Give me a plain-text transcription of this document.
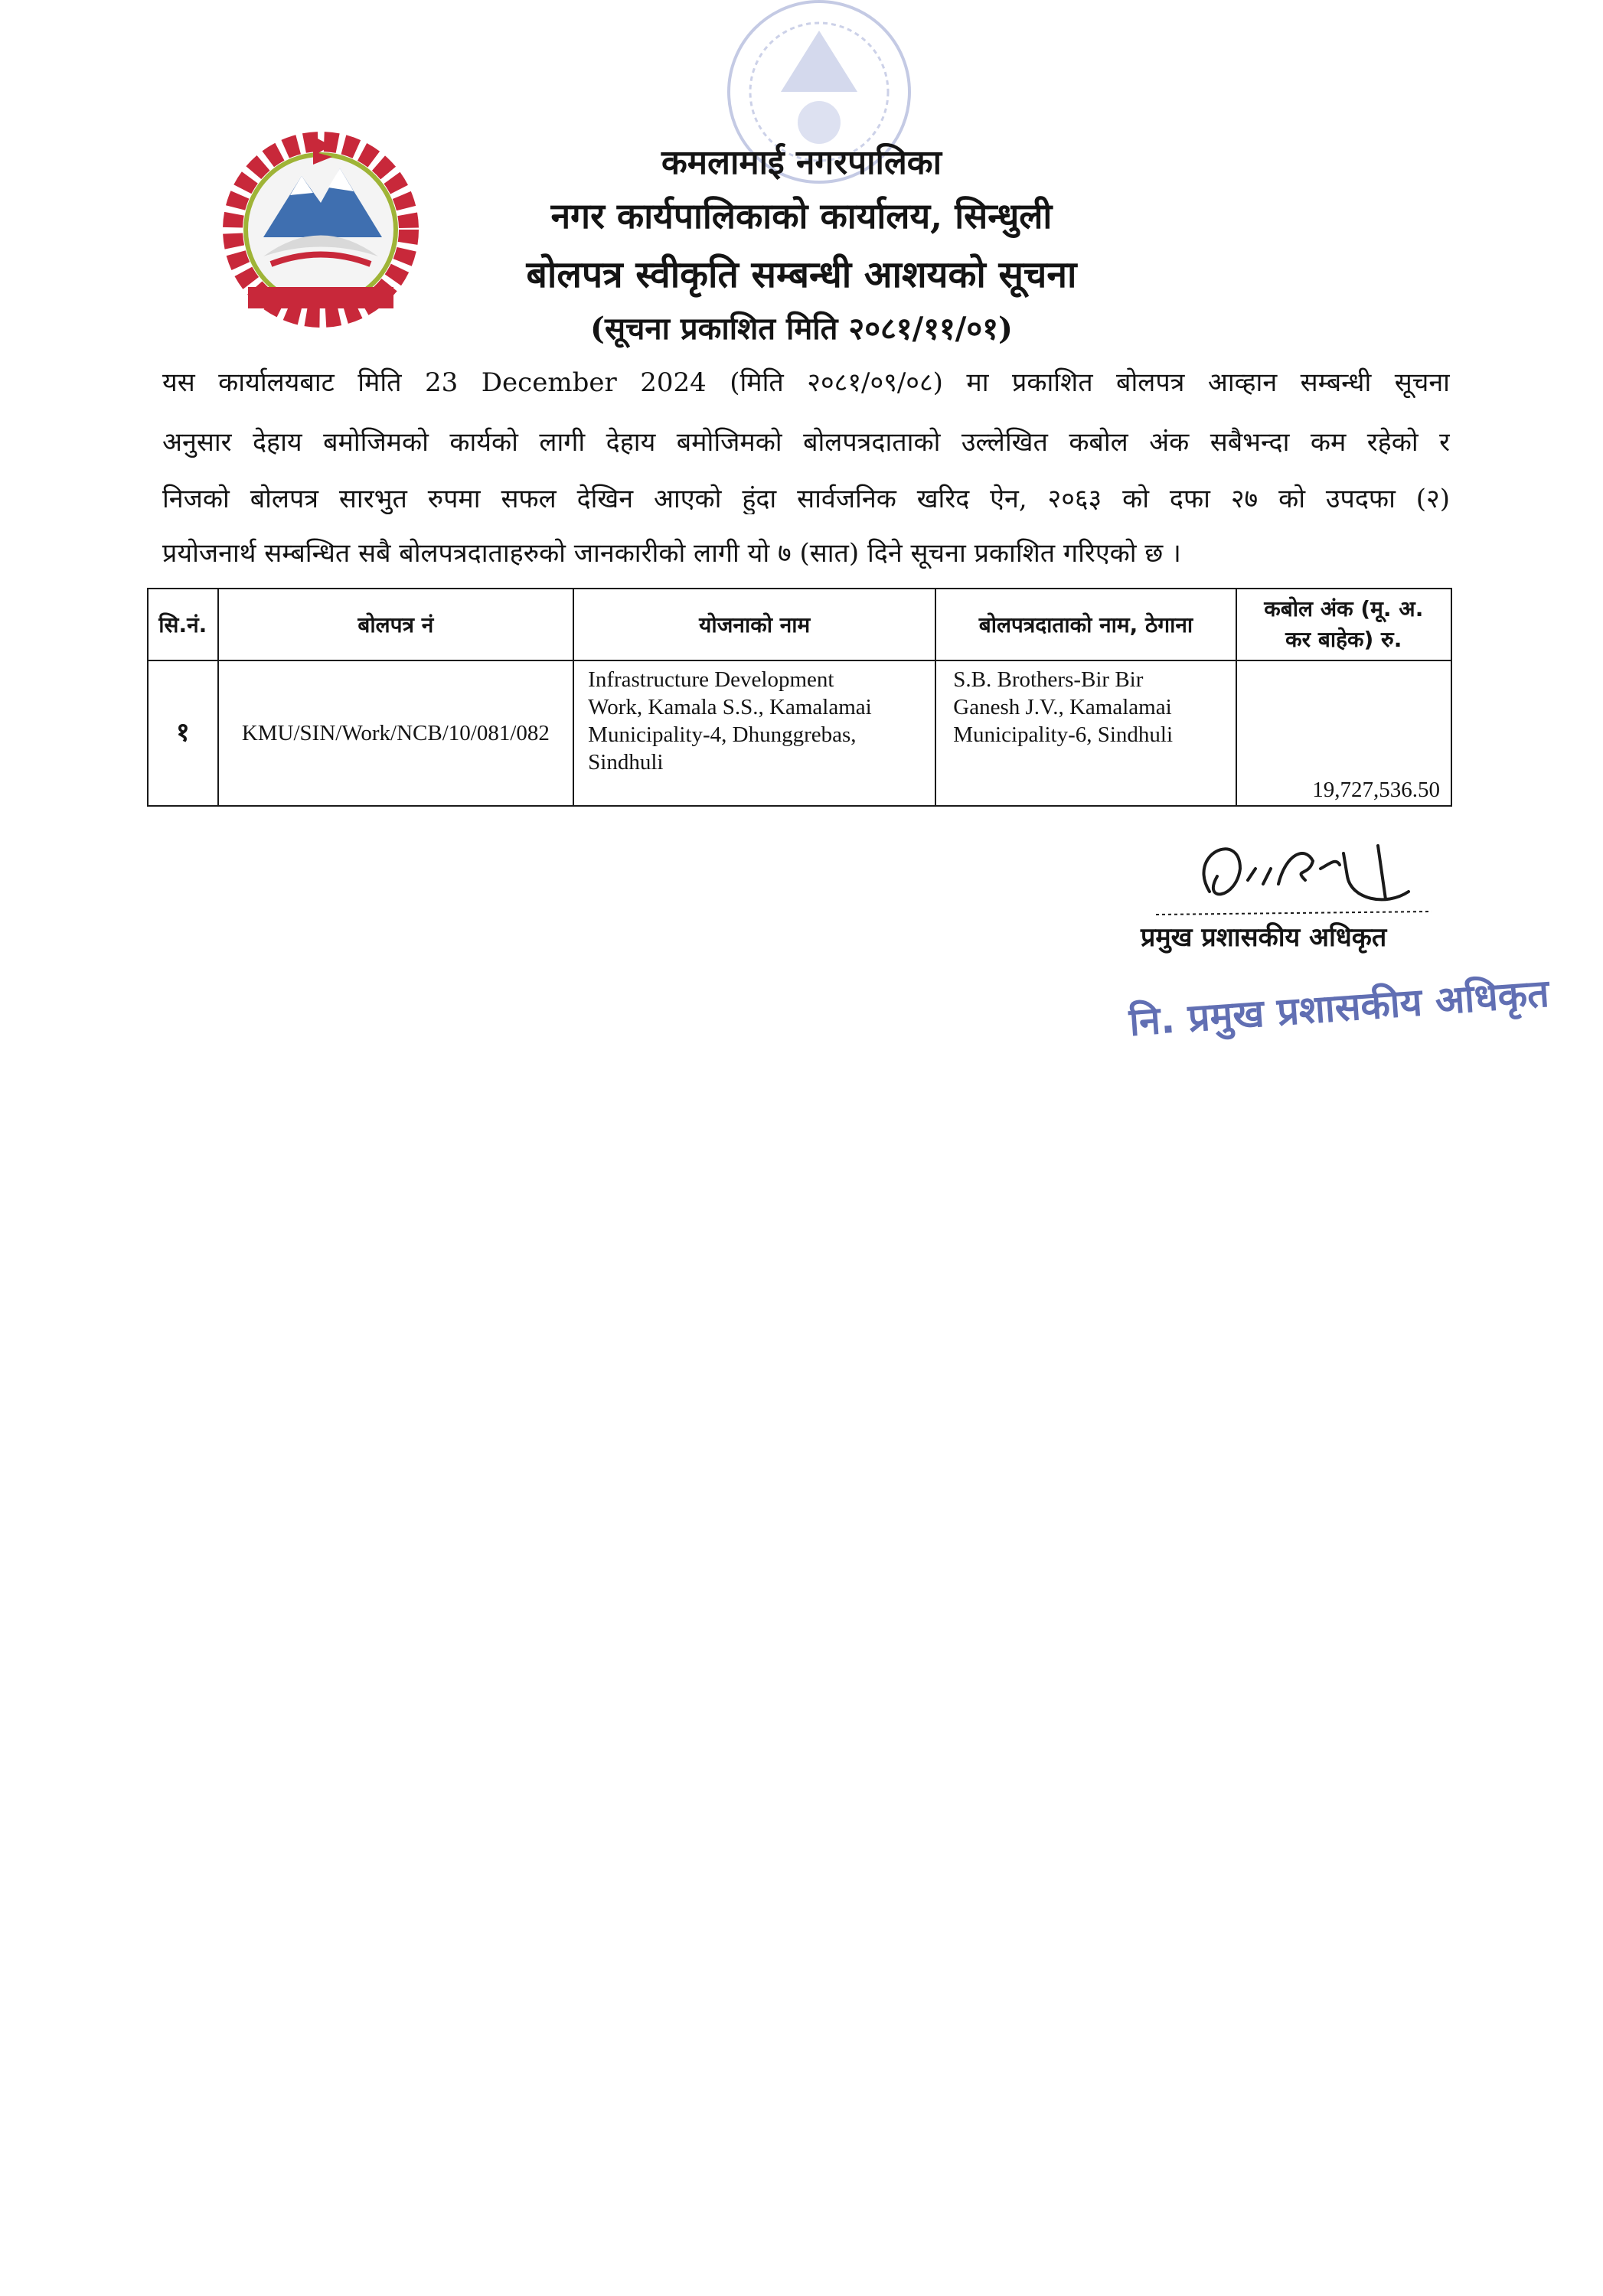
कमलामाई नगरपालिका
नगर कार्यपालिकाको कार्यालय, सिन्धुली
बोलपत्र स्वीकृति सम्बन्धी आशयको सूचना
(सूचना प्रकाशित मिति २०८१/११/०१)
यस कार्यालयबाट मिति 23 December 2024 (मिति २०८१/०९/०८) मा प्रकाशित बोलपत्र आव्हान सम्बन्धी सूचना
अनुसार देहाय बमोजिमको कार्यको लागी देहाय बमोजिमको बोलपत्रदाताको उल्लेखित कबोल अंक सबैभन्दा कम रहेको र
निजको बोलपत्र सारभुत रुपमा सफल देखिन आएको हुंदा सार्वजनिक खरिद ऐन, २०६३ को दफा २७ को उपदफा (२)
प्रयोजनार्थ सम्बन्धित सबै बोलपत्रदाताहरुको जानकारीको लागी यो ७ (सात) दिने सूचना प्रकाशित गरिएको छ ।
सि.नं.	बोलपत्र नं	योजनाको नाम	बोलपत्रदाताको नाम, ठेगाना	कबोल अंक (मू. अ.
कर बाहेक) रु.

१	KMU/SIN/Work/NCB/10/081/082	Infrastructure Development
Work, Kamala S.S., Kamalamai
Municipality-4, Dhunggrebas,
Sindhuli	S.B. Brothers-Bir Bir
Ganesh J.V., Kamalamai
Municipality-6, Sindhuli	19,727,536.50
प्रमुख प्रशासकीय अधिकृत
नि. प्रमुख प्रशासकीय अधिकृत
